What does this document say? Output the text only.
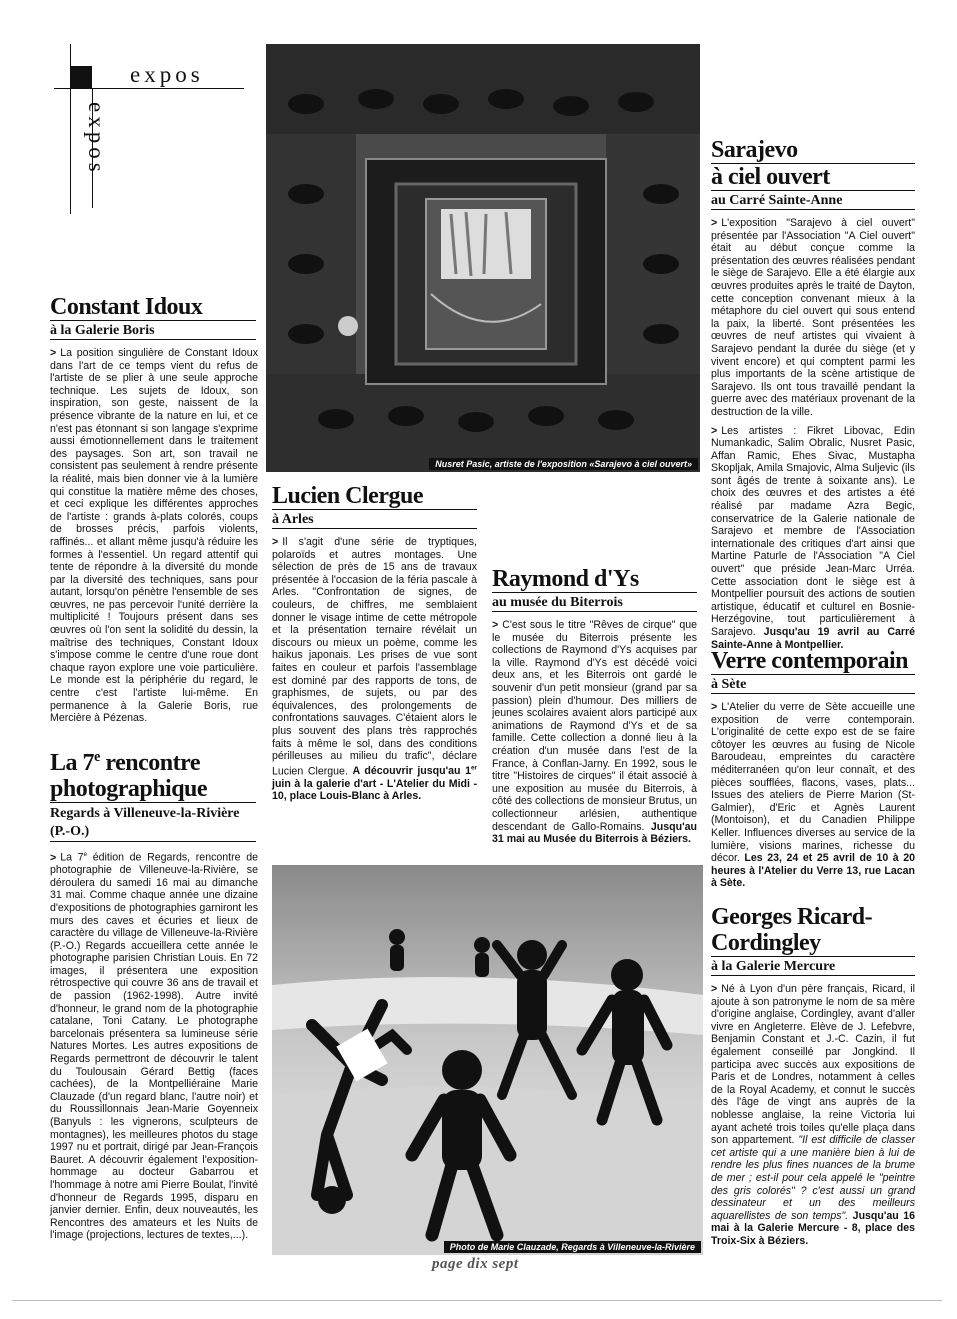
expos
expos
Nusret Pasic, artiste de l'exposition «Sarajevo à ciel ouvert»
Constant Idoux
à la Galerie Boris

> La position singulière de Constant Idoux dans l'art de ce temps vient du refus de l'artiste de se plier à une seule approche technique. Les sujets de Idoux, son inspiration, son geste, naissent de la présence vibrante de la nature en lui, et ce n'est pas étonnant si son langage s'exprime aussi émotionnellement dans le traitement des paysages. Son art, son travail ne consistent pas seulement à rendre présente la réalité, mais bien donner vie à la lumière qui constitue la matière même des choses, et ceci explique les différentes approches de l'artiste : grands à-plats colorés, coups de brosses précis, parfois violents, raffinés... et allant même jusqu'à réduire les formes à l'essentiel. Un regard attentif qui tente de répondre à la diversité du monde par la diversité des techniques, sans pour autant, lorsqu'on pénètre l'ensemble de ses œuvres, ne pas percevoir l'unité derrière la multiplicité ! Toujours présent dans ses œuvres où l'on sent la solidité du dessin, la maîtrise des techniques, Constant Idoux s'impose comme le centre d'une roue dont chaque rayon explore une voie particulière. Le monde est la périphérie du regard, le centre c'est l'artiste lui-même. En permanence à la Galerie Boris, rue Mercière à Pézenas.

La 7e rencontre
photographique
Regards à Villeneuve-la-Rivière (P.-O.)

> La 7e édition de Regards, rencontre de photographie de Villeneuve-la-Rivière, se déroulera du samedi 16 mai au dimanche 31 mai. Comme chaque année une dizaine d'expositions de photographies garniront les murs des caves et écuries et lieux de caractère du village de Villeneuve-la-Rivière (P.-O.) Regards accueillera cette année le photographe parisien Christian Louis. En 72 images, il présentera une exposition rétrospective qui couvre 36 ans de travail et de passion (1962-1998). Autre invité d'honneur, le grand nom de la photographie catalane, Toni Catany. Le photographe barcelonais présentera sa lumineuse série Natures Mortes. Les autres expositions de Regards permettront de découvrir le talent du Toulousain Gérard Bettig (faces cachées), de la Montpelliéraine Marie Clauzade (d'un regard blanc, l'autre noir) et du Roussillonnais Jean-Marie Goyenneix (Banyuls : les vignerons, sculpteurs de montagnes), les meilleures photos du stage 1997 nu et portrait, dirigé par Jean-François Bauret. A découvrir également l'exposition-hommage au docteur Gabarrou et l'hommage à notre ami Pierre Boulat, l'invité d'honneur de Regards 1995, disparu en janvier dernier. Enfin, deux nouveautés, les Rencontres des amateurs et les Nuits de l'image (projections, lectures de textes,...).

Lucien Clergue
à Arles

> Il s'agit d'une série de tryptiques, polaroïds et autres montages. Une sélection de près de 15 ans de travaux présentée à l'occasion de la féria pascale à Arles. "Confrontation de signes, de couleurs, de chiffres, me semblaient donner le visage intime de cette métropole et la présentation ternaire révélait un discours ou mieux un poème, comme les haikus japonais. Les prises de vue sont faites en couleur et parfois l'assemblage est dominé par des rapports de tons, de graphismes, de sujets, ou par des équivalences, des prolongements de confrontations sauvages. C'étaient alors le plus souvent des plans très rapprochés faits à même le sol, dans des conditions périlleuses au milieu du trafic", déclare Lucien Clergue. A découvrir jusqu'au 1er juin à la galerie d'art - L'Atelier du Midi - 10, place Louis-Blanc à Arles.

Raymond d'Ys
au musée du Biterrois

> C'est sous le titre "Rêves de cirque" que le musée du Biterrois présente les collections de Raymond d'Ys acquises par la ville. Raymond d'Ys est décédé voici deux ans, et les Biterrois ont gardé le souvenir d'un petit monsieur (grand par sa passion) plein d'humour. Des milliers de jeunes scolaires avaient alors participé aux animations de Raymond d'Ys et de sa famille. Cette collection a donné lieu à la création d'un musée dans l'est de la France, à Conflan-Jarny. En 1992, sous le titre "Histoires de cirques" il était associé à une exposition au musée du Biterrois, à côté des collections de monsieur Brutus, un collectionneur arlésien, authentique descendant de Gallo-Romains. Jusqu'au 31 mai au Musée du Biterrois à Béziers.

Sarajevo
à ciel ouvert
au Carré Sainte-Anne

> L'exposition "Sarajevo à ciel ouvert" présentée par l'Association "A Ciel ouvert" était au début conçue comme la présentation des œuvres réalisées pendant le siège de Sarajevo. Elle a été élargie aux œuvres produites après le traité de Dayton, cette conception convenant mieux à la métaphore du ciel ouvert qui sous entend la paix, la liberté. Sont présentées les œuvres de neuf artistes qui vivaient à Sarajevo pendant la durée du siège (et y vivent encore) et qui comptent parmi les plus importants de la scène artistique de Sarajevo. Ils ont tous travaillé pendant la guerre avec des matériaux provenant de la destruction de la ville.

> Les artistes : Fikret Libovac, Edin Numankadic, Salim Obralic, Nusret Pasic, Affan Ramic, Ehes Sivac, Mustapha Skopljak, Amila Smajovic, Alma Suljevic (ils sont âgés de trente à soixante ans). Le choix des œuvres et des artistes a été réalisé par madame Azra Begic, conservatrice de la Galerie nationale de Sarajevo et membre de l'Association internationale des critiques d'art ainsi que Martine Paturle de l'Association "A Ciel ouvert" que préside Jean-Marc Urréa. Cette association dont le siège est à Montpellier poursuit des actions de soutien artistique, éducatif et culturel en Bosnie-Herzégovine, tout particulièrement à Sarajevo. Jusqu'au 19 avril au Carré Sainte-Anne à Montpellier.

Verre contemporain
à Sète

> L'Atelier du verre de Sète accueille une exposition de verre contemporain. L'originalité de cette expo est de se faire côtoyer les œuvres au fusing de Nicole Baroudeau, empreintes du caractère méditerranéen qu'on leur connaît, et des pièces soufflées, flacons, vases, plats... Issues des ateliers de Pierre Marion (St-Galmier), d'Eric et Agnès Laurent (Montoison), et du Canadien Philippe Keller. Influences diverses au service de la lumière, visions marines, richesse du décor. Les 23, 24 et 25 avril de 10 à 20 heures à l'Atelier du Verre 13, rue Lacan à Sète.

Georges Ricard-
Cordingley
à la Galerie Mercure

> Né à Lyon d'un père français, Ricard, il ajoute à son patronyme le nom de sa mère d'origine anglaise, Cordingley, avant d'aller vivre en Angleterre. Elève de J. Lefebvre, Benjamin Constant et J.-C. Cazin, il fut également conseillé par Jongkind. Il participa avec succès aux expositions de Paris et de Londres, notamment à celles de la Royal Academy, et connut le succès dès l'âge de vingt ans auprès de la noblesse anglaise, la reine Victoria lui ayant acheté trois toiles qu'elle plaça dans son appartement. "Il est difficile de classer cet artiste qui a une manière bien à lui de rendre les plus fines nuances de la brume de mer ; est-il pour cela appelé le "peintre des gris colorés" ? c'est aussi un grand dessinateur et un des meilleurs aquarellistes de son temps". Jusqu'au 16 mai à la Galerie Mercure - 8, place des Troix-Six à Béziers.

Photo de Marie Clauzade, Regards à Villeneuve-la-Rivière
page dix sept
